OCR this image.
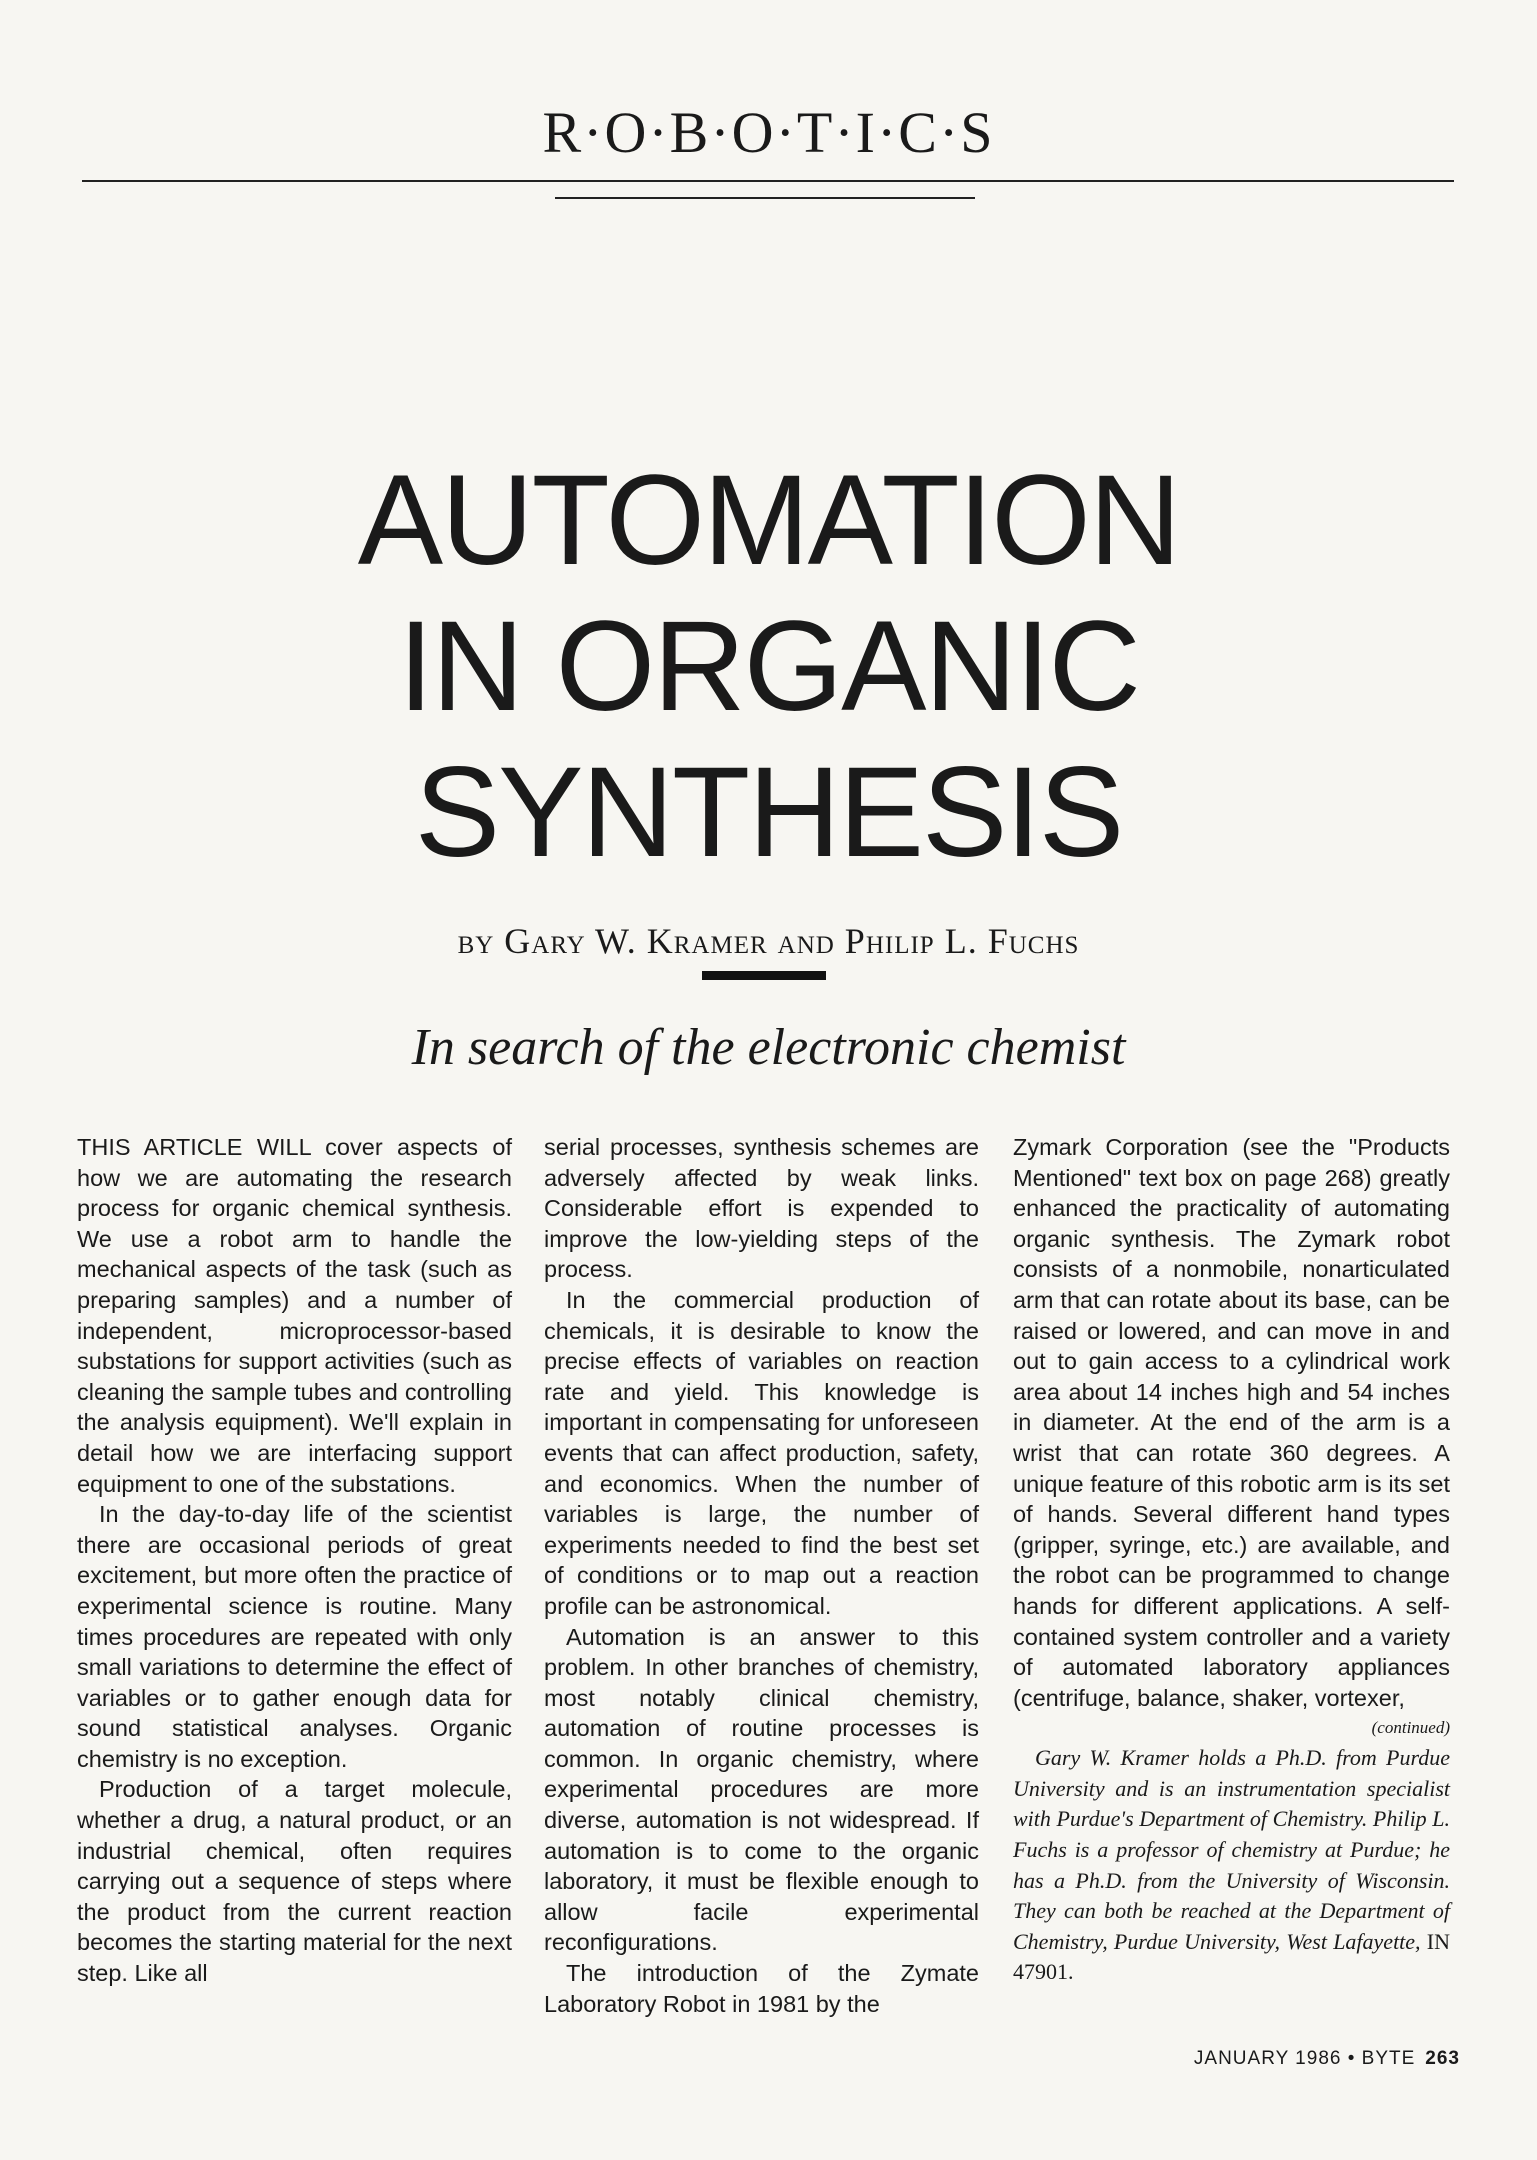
R·O·B·O·T·I·C·S
AUTOMATION
IN ORGANIC
SYNTHESIS
by Gary W. Kramer and Philip L. Fuchs
In search of the electronic chemist

THIS ARTICLE WILL cover aspects of how we are automating the research process for organic chemical synthesis. We use a robot arm to handle the mechanical aspects of the task (such as preparing samples) and a number of independent, microprocessor-based substations for support activities (such as cleaning the sample tubes and controlling the analysis equipment). We'll explain in detail how we are interfacing support equipment to one of the substations.

In the day-to-day life of the scientist there are occasional periods of great excitement, but more often the practice of experimental science is routine. Many times procedures are repeated with only small variations to determine the effect of variables or to gather enough data for sound statistical analyses. Organic chemistry is no exception.

Production of a target molecule, whether a drug, a natural product, or an industrial chemical, often requires carrying out a sequence of steps where the product from the current reaction becomes the starting material for the next step. Like all

serial processes, synthesis schemes are adversely affected by weak links. Considerable effort is expended to improve the low-yielding steps of the process.

In the commercial production of chemicals, it is desirable to know the precise effects of variables on reaction rate and yield. This knowledge is important in compensating for unforeseen events that can affect production, safety, and economics. When the number of variables is large, the number of experiments needed to find the best set of conditions or to map out a reaction profile can be astronomical.

Automation is an answer to this problem. In other branches of chemistry, most notably clinical chemistry, automation of routine processes is common. In organic chemistry, where experimental procedures are more diverse, automation is not widespread. If automation is to come to the organic laboratory, it must be flexible enough to allow facile experimental reconfigurations.

The introduction of the Zymate Laboratory Robot in 1981 by the

Zymark Corporation (see the "Products Mentioned" text box on page 268) greatly enhanced the practicality of automating organic synthesis. The Zymark robot consists of a nonmobile, nonarticulated arm that can rotate about its base, can be raised or lowered, and can move in and out to gain access to a cylindrical work area about 14 inches high and 54 inches in diameter. At the end of the arm is a wrist that can rotate 360 degrees. A unique feature of this robotic arm is its set of hands. Several different hand types (gripper, syringe, etc.) are available, and the robot can be programmed to change hands for different applications. A self-contained system controller and a variety of automated laboratory appliances (centrifuge, balance, shaker, vortexer,

(continued)

Gary W. Kramer holds a Ph.D. from Purdue University and is an instrumentation specialist with Purdue's Department of Chemistry. Philip L. Fuchs is a professor of chemistry at Purdue; he has a Ph.D. from the University of Wisconsin. They can both be reached at the Department of Chemistry, Purdue University, West Lafayette, IN 47901.

JANUARY 1986 • BYTE 263
